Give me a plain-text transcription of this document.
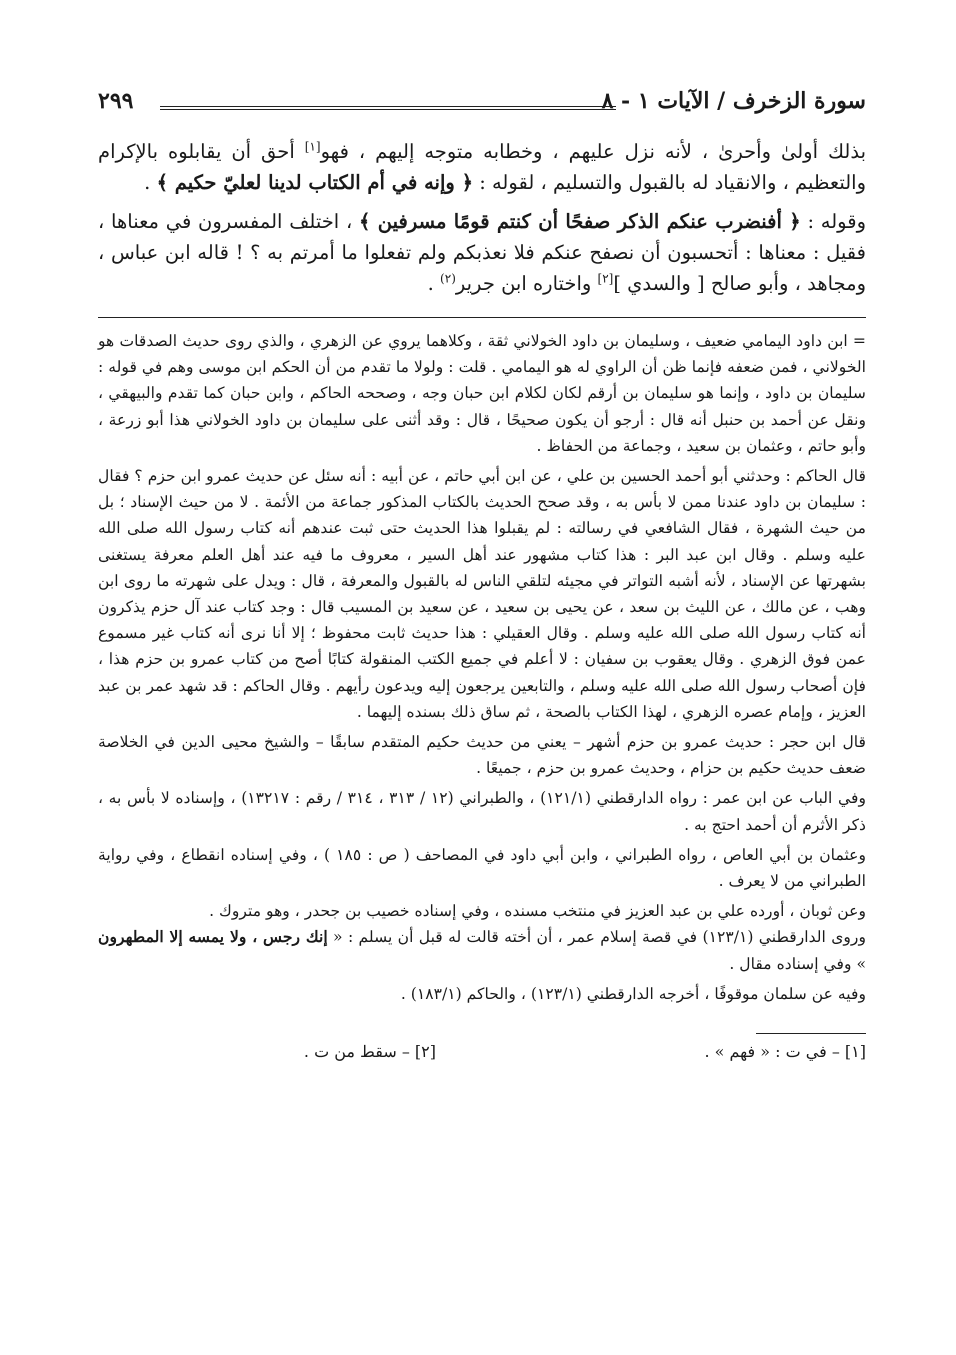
سورة الزخرف / الآيات ١ - ٨
٢٩٩

بذلك أولىٰ وأحرىٰ ، لأنه نزل عليهم ، وخطابه متوجه إليهم ، فهو[١] أحق أن يقابلوه بالإكرام والتعظيم ، والانقياد له بالقبول والتسليم ، لقوله : ﴿ وإنه في أم الكتاب لدينا لعليّ حكيم ﴾ .

وقوله : ﴿ أفنضرب عنكم الذكر صفحًا أن كنتم قومًا مسرفين ﴾ ، اختلف المفسرون في معناها ، فقيل : معناها : أتحسبون أن نصفح عنكم فلا نعذبكم ولم تفعلوا ما أمرتم به ؟ ! قاله ابن عباس ، ومجاهد ، وأبو صالح [ والسدي ][٢] واختاره ابن جرير$^{(٢)}$ .

= ابن داود اليمامي ضعيف ، وسليمان بن داود الخولاني ثقة ، وكلاهما يروي عن الزهري ، والذي روى حديث الصدقات هو الخولاني ، فمن ضعفه فإنما ظن أن الراوي له هو اليمامي . قلت : ولولا ما تقدم من أن الحكم ابن موسى وهم في قوله : سليمان بن داود ، وإنما هو سليمان بن أرقم لكان لكلام ابن حبان وجه ، وصححه الحاكم ، وابن حبان كما تقدم والبيهقي ، ونقل عن أحمد بن حنبل أنه قال : أرجو أن يكون صحيحًا ، قال : وقد أثنى على سليمان بن داود الخولاني هذا أبو زرعة ، وأبو حاتم ، وعثمان بن سعيد ، وجماعة من الحفاظ .

قال الحاكم : وحدثني أبو أحمد الحسين بن علي ، عن ابن أبي حاتم ، عن أبيه : أنه سئل عن حديث عمرو ابن حزم ؟ فقال : سليمان بن داود عندنا ممن لا بأس به ، وقد صحح الحديث بالكتاب المذكور جماعة من الأئمة . لا من حيث الإسناد ؛ بل من حيث الشهرة ، فقال الشافعي في رسالته : لم يقبلوا هذا الحديث حتى ثبت عندهم أنه كتاب رسول الله صلى الله عليه وسلم . وقال ابن عبد البر : هذا كتاب مشهور عند أهل السير ، معروف ما فيه عند أهل العلم معرفة يستغنى بشهرتها عن الإسناد ، لأنه أشبه التواتر في مجيئه لتلقي الناس له بالقبول والمعرفة ، قال : ويدل على شهرته ما روى ابن وهب ، عن مالك ، عن الليث بن سعد ، عن يحيى بن سعيد ، عن سعيد بن المسيب قال : وجد كتاب عند آل حزم يذكرون أنه كتاب رسول الله صلى الله عليه وسلم . وقال العقيلي : هذا حديث ثابت محفوظ ؛ إلا أنا نرى أنه كتاب غير مسموع عمن فوق الزهري . وقال يعقوب بن سفيان : لا أعلم في جميع الكتب المنقولة كتابًا أصح من كتاب عمرو بن حزم هذا ، فإن أصحاب رسول الله صلى الله عليه وسلم ، والتابعين يرجعون إليه ويدعون رأيهم . وقال الحاكم : قد شهد عمر بن عبد العزيز ، وإمام عصره الزهري ، لهذا الكتاب بالصحة ، ثم ساق ذلك بسنده إليهما .

قال ابن حجر : حديث عمرو بن حزم أشهر – يعني من حديث حكيم المتقدم سابقًا – والشيخ محيى الدين في الخلاصة ضعف حديث حكيم بن حزام ، وحديث عمرو بن حزم ، جميعًا .

وفي الباب عن ابن عمر : رواه الدارقطني (١٢١/١) ، والطبراني (١٢ / ٣١٣ ، ٣١٤ / رقم : ١٣٢١٧) ، وإسناده لا بأس به ، ذكر الأثرم أن أحمد احتج به .

وعثمان بن أبي العاص ، رواه الطبراني ، وابن أبي داود في المصاحف ( ص : ١٨٥ ) ، وفي إسناده انقطاع ، وفي رواية الطبراني من لا يعرف .

وعن ثوبان ، أورده علي بن عبد العزيز في منتخب مسنده ، وفي إسناده خصيب بن جحدر ، وهو متروك .
وروى الدارقطني (١٢٣/١) في قصة إسلام عمر ، أن أخته قالت له قبل أن يسلم : « إنك رجس ، ولا يمسه إلا المطهرون » وفي إسناده مقال .

وفيه عن سلمان موقوفًا ، أخرجه الدارقطني (١٢٣/١) ، والحاكم (١٨٣/١) .

[١] – في ت : « فهم » .
[٢] – سقط من ت .
